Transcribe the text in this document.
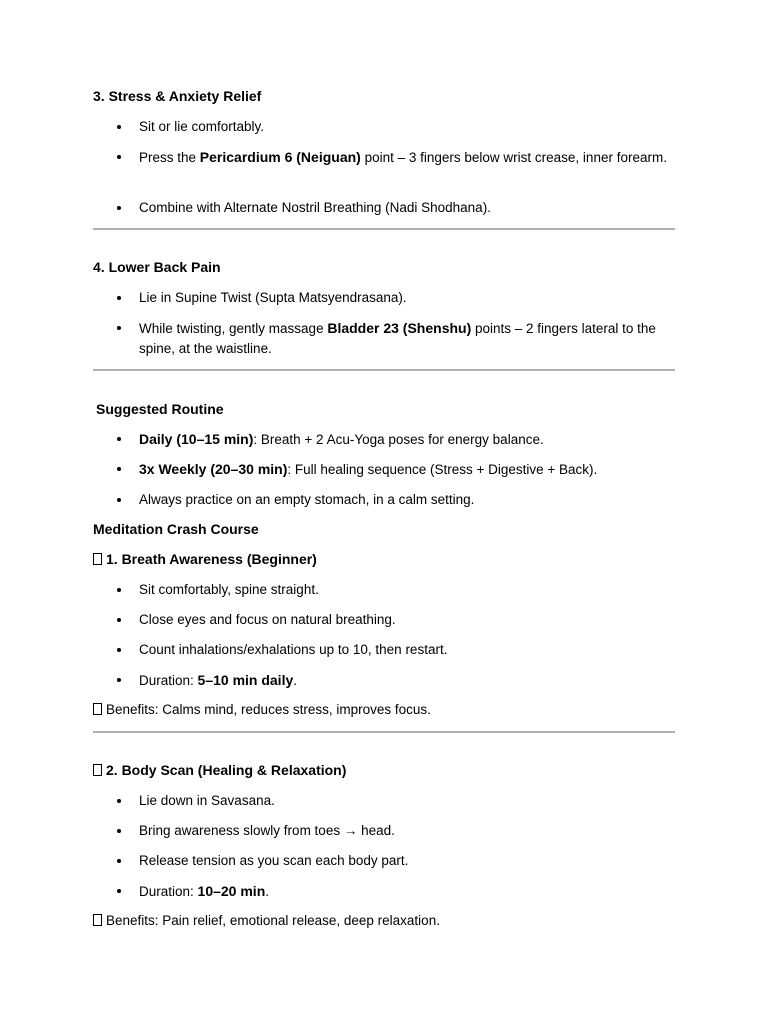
3. Stress & Anxiety Relief
Sit or lie comfortably.
Press the Pericardium 6 (Neiguan) point – 3 fingers below wrist crease, inner forearm.
Combine with Alternate Nostril Breathing (Nadi Shodhana).
4. Lower Back Pain
Lie in Supine Twist (Supta Matsyendrasana).
While twisting, gently massage Bladder 23 (Shenshu) points – 2 fingers lateral to the spine, at the waistline.
Suggested Routine
Daily (10–15 min): Breath + 2 Acu-Yoga poses for energy balance.
3x Weekly (20–30 min): Full healing sequence (Stress + Digestive + Back).
Always practice on an empty stomach, in a calm setting.
Meditation Crash Course
1. Breath Awareness (Beginner)
Sit comfortably, spine straight.
Close eyes and focus on natural breathing.
Count inhalations/exhalations up to 10, then restart.
Duration: 5–10 min daily.
Benefits: Calms mind, reduces stress, improves focus.
2. Body Scan (Healing & Relaxation)
Lie down in Savasana.
Bring awareness slowly from toes → head.
Release tension as you scan each body part.
Duration: 10–20 min.
Benefits: Pain relief, emotional release, deep relaxation.
